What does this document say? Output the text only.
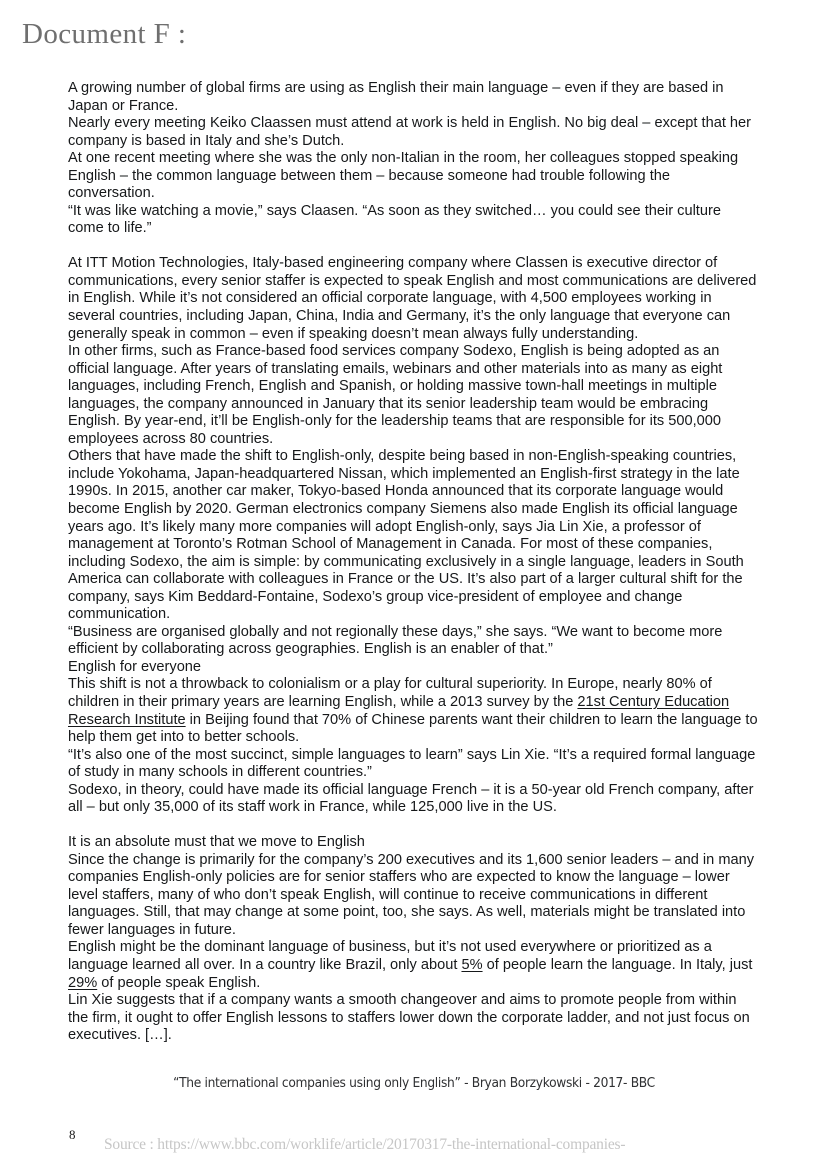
Document F :

A growing number of global firms are using as English their main language – even if they are based in Japan or France.

Nearly every meeting Keiko Claassen must attend at work is held in English. No big deal – except that her company is based in Italy and she’s Dutch.

At one recent meeting where she was the only non-Italian in the room, her colleagues stopped speaking English – the common language between them – because someone had trouble following the conversation.

“It was like watching a movie,” says Claasen. “As soon as they switched… you could see their culture come to life.”

At ITT Motion Technologies, Italy-based engineering company where Classen is executive director of communications, every senior staffer is expected to speak English and most communications are delivered in English. While it’s not considered an official corporate language, with 4,500 employees working in several countries, including Japan, China, India and Germany, it’s the only language that everyone can generally speak in common – even if speaking doesn’t mean always fully understanding.

In other firms, such as France-based food services company Sodexo, English is being adopted as an official language. After years of translating emails, webinars and other materials into as many as eight languages, including French, English and Spanish, or holding massive town-hall meetings in multiple languages, the company announced in January that its senior leadership team would be embracing English. By year-end, it’ll be English-only for the leadership teams that are responsible for its 500,000 employees across 80 countries.

Others that have made the shift to English-only, despite being based in non-English-speaking countries, include Yokohama, Japan-headquartered Nissan, which implemented an English-first strategy in the late 1990s. In 2015, another car maker, Tokyo-based Honda announced that its corporate language would become English by 2020. German electronics company Siemens also made English its official language years ago. It’s likely many more companies will adopt English-only, says Jia Lin Xie, a professor of management at Toronto’s Rotman School of Management in Canada. For most of these companies, including Sodexo, the aim is simple: by communicating exclusively in a single language, leaders in South America can collaborate with colleagues in France or the US. It’s also part of a larger cultural shift for the company, says Kim Beddard-Fontaine, Sodexo’s group vice-president of employee and change communication.

“Business are organised globally and not regionally these days,” she says. “We want to become more efficient by collaborating across geographies. English is an enabler of that.”

English for everyone

This shift is not a throwback to colonialism or a play for cultural superiority. In Europe, nearly 80% of children in their primary years are learning English, while a 2013 survey by the 21st Century Education Research Institute in Beijing found that 70% of Chinese parents want their children to learn the language to help them get into to better schools.

“It’s also one of the most succinct, simple languages to learn” says Lin Xie. “It’s a required formal language of study in many schools in different countries.”

Sodexo, in theory, could have made its official language French – it is a 50-year old French company, after all – but only 35,000 of its staff work in France, while 125,000 live in the US.

It is an absolute must that we move to English

Since the change is primarily for the company’s 200 executives and its 1,600 senior leaders – and in many companies English-only policies are for senior staffers who are expected to know the language – lower level staffers, many of who don’t speak English, will continue to receive communications in different languages. Still, that may change at some point, too, she says. As well, materials might be translated into fewer languages in future.

English might be the dominant language of business, but it’s not used everywhere or prioritized as a language learned all over. In a country like Brazil, only about 5% of people learn the language. In Italy, just 29% of people speak English.

Lin Xie suggests that if a company wants a smooth changeover and aims to promote people from within the firm, it ought to offer English lessons to staffers lower down the corporate ladder, and not just focus on executives. […].

“The international companies using only English” - Bryan Borzykowski - 2017- BBC
8
Source : https://www.bbc.com/worklife/article/20170317-the-international-companies-
